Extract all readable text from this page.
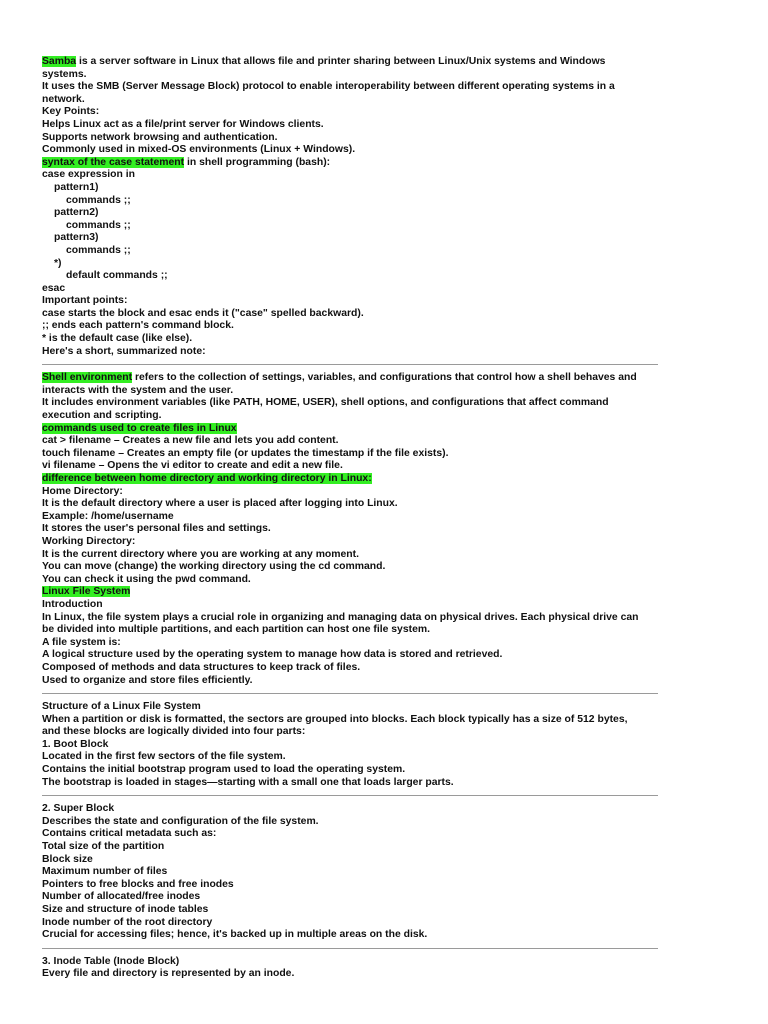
Samba is a server software in Linux that allows file and printer sharing between Linux/Unix systems and Windows
systems.
It uses the SMB (Server Message Block) protocol to enable interoperability between different operating systems in a
network.
Key Points:
Helps Linux act as a file/print server for Windows clients.
Supports network browsing and authentication.
Commonly used in mixed-OS environments (Linux + Windows).
syntax of the case statement in shell programming (bash):
case expression in
pattern1)
commands ;;
pattern2)
commands ;;
pattern3)
commands ;;
*)
default commands ;;
esac
Important points:
case starts the block and esac ends it ("case" spelled backward).
;; ends each pattern's command block.
* is the default case (like else).
Here's a short, summarized note:
Shell environment refers to the collection of settings, variables, and configurations that control how a shell behaves and
interacts with the system and the user.
It includes environment variables (like PATH, HOME, USER), shell options, and configurations that affect command
execution and scripting.
commands used to create files in Linux
cat > filename – Creates a new file and lets you add content.
touch filename – Creates an empty file (or updates the timestamp if the file exists).
vi filename – Opens the vi editor to create and edit a new file.
difference between home directory and working directory in Linux:
Home Directory:
It is the default directory where a user is placed after logging into Linux.
Example: /home/username
It stores the user's personal files and settings.
Working Directory:
It is the current directory where you are working at any moment.
You can move (change) the working directory using the cd command.
You can check it using the pwd command.
Linux File System
Introduction
In Linux, the file system plays a crucial role in organizing and managing data on physical drives. Each physical drive can
be divided into multiple partitions, and each partition can host one file system.
A file system is:
A logical structure used by the operating system to manage how data is stored and retrieved.
Composed of methods and data structures to keep track of files.
Used to organize and store files efficiently.
Structure of a Linux File System
When a partition or disk is formatted, the sectors are grouped into blocks. Each block typically has a size of 512 bytes,
and these blocks are logically divided into four parts:
1. Boot Block
Located in the first few sectors of the file system.
Contains the initial bootstrap program used to load the operating system.
The bootstrap is loaded in stages—starting with a small one that loads larger parts.
2. Super Block
Describes the state and configuration of the file system.
Contains critical metadata such as:
Total size of the partition
Block size
Maximum number of files
Pointers to free blocks and free inodes
Number of allocated/free inodes
Size and structure of inode tables
Inode number of the root directory
Crucial for accessing files; hence, it's backed up in multiple areas on the disk.
3. Inode Table (Inode Block)
Every file and directory is represented by an inode.
